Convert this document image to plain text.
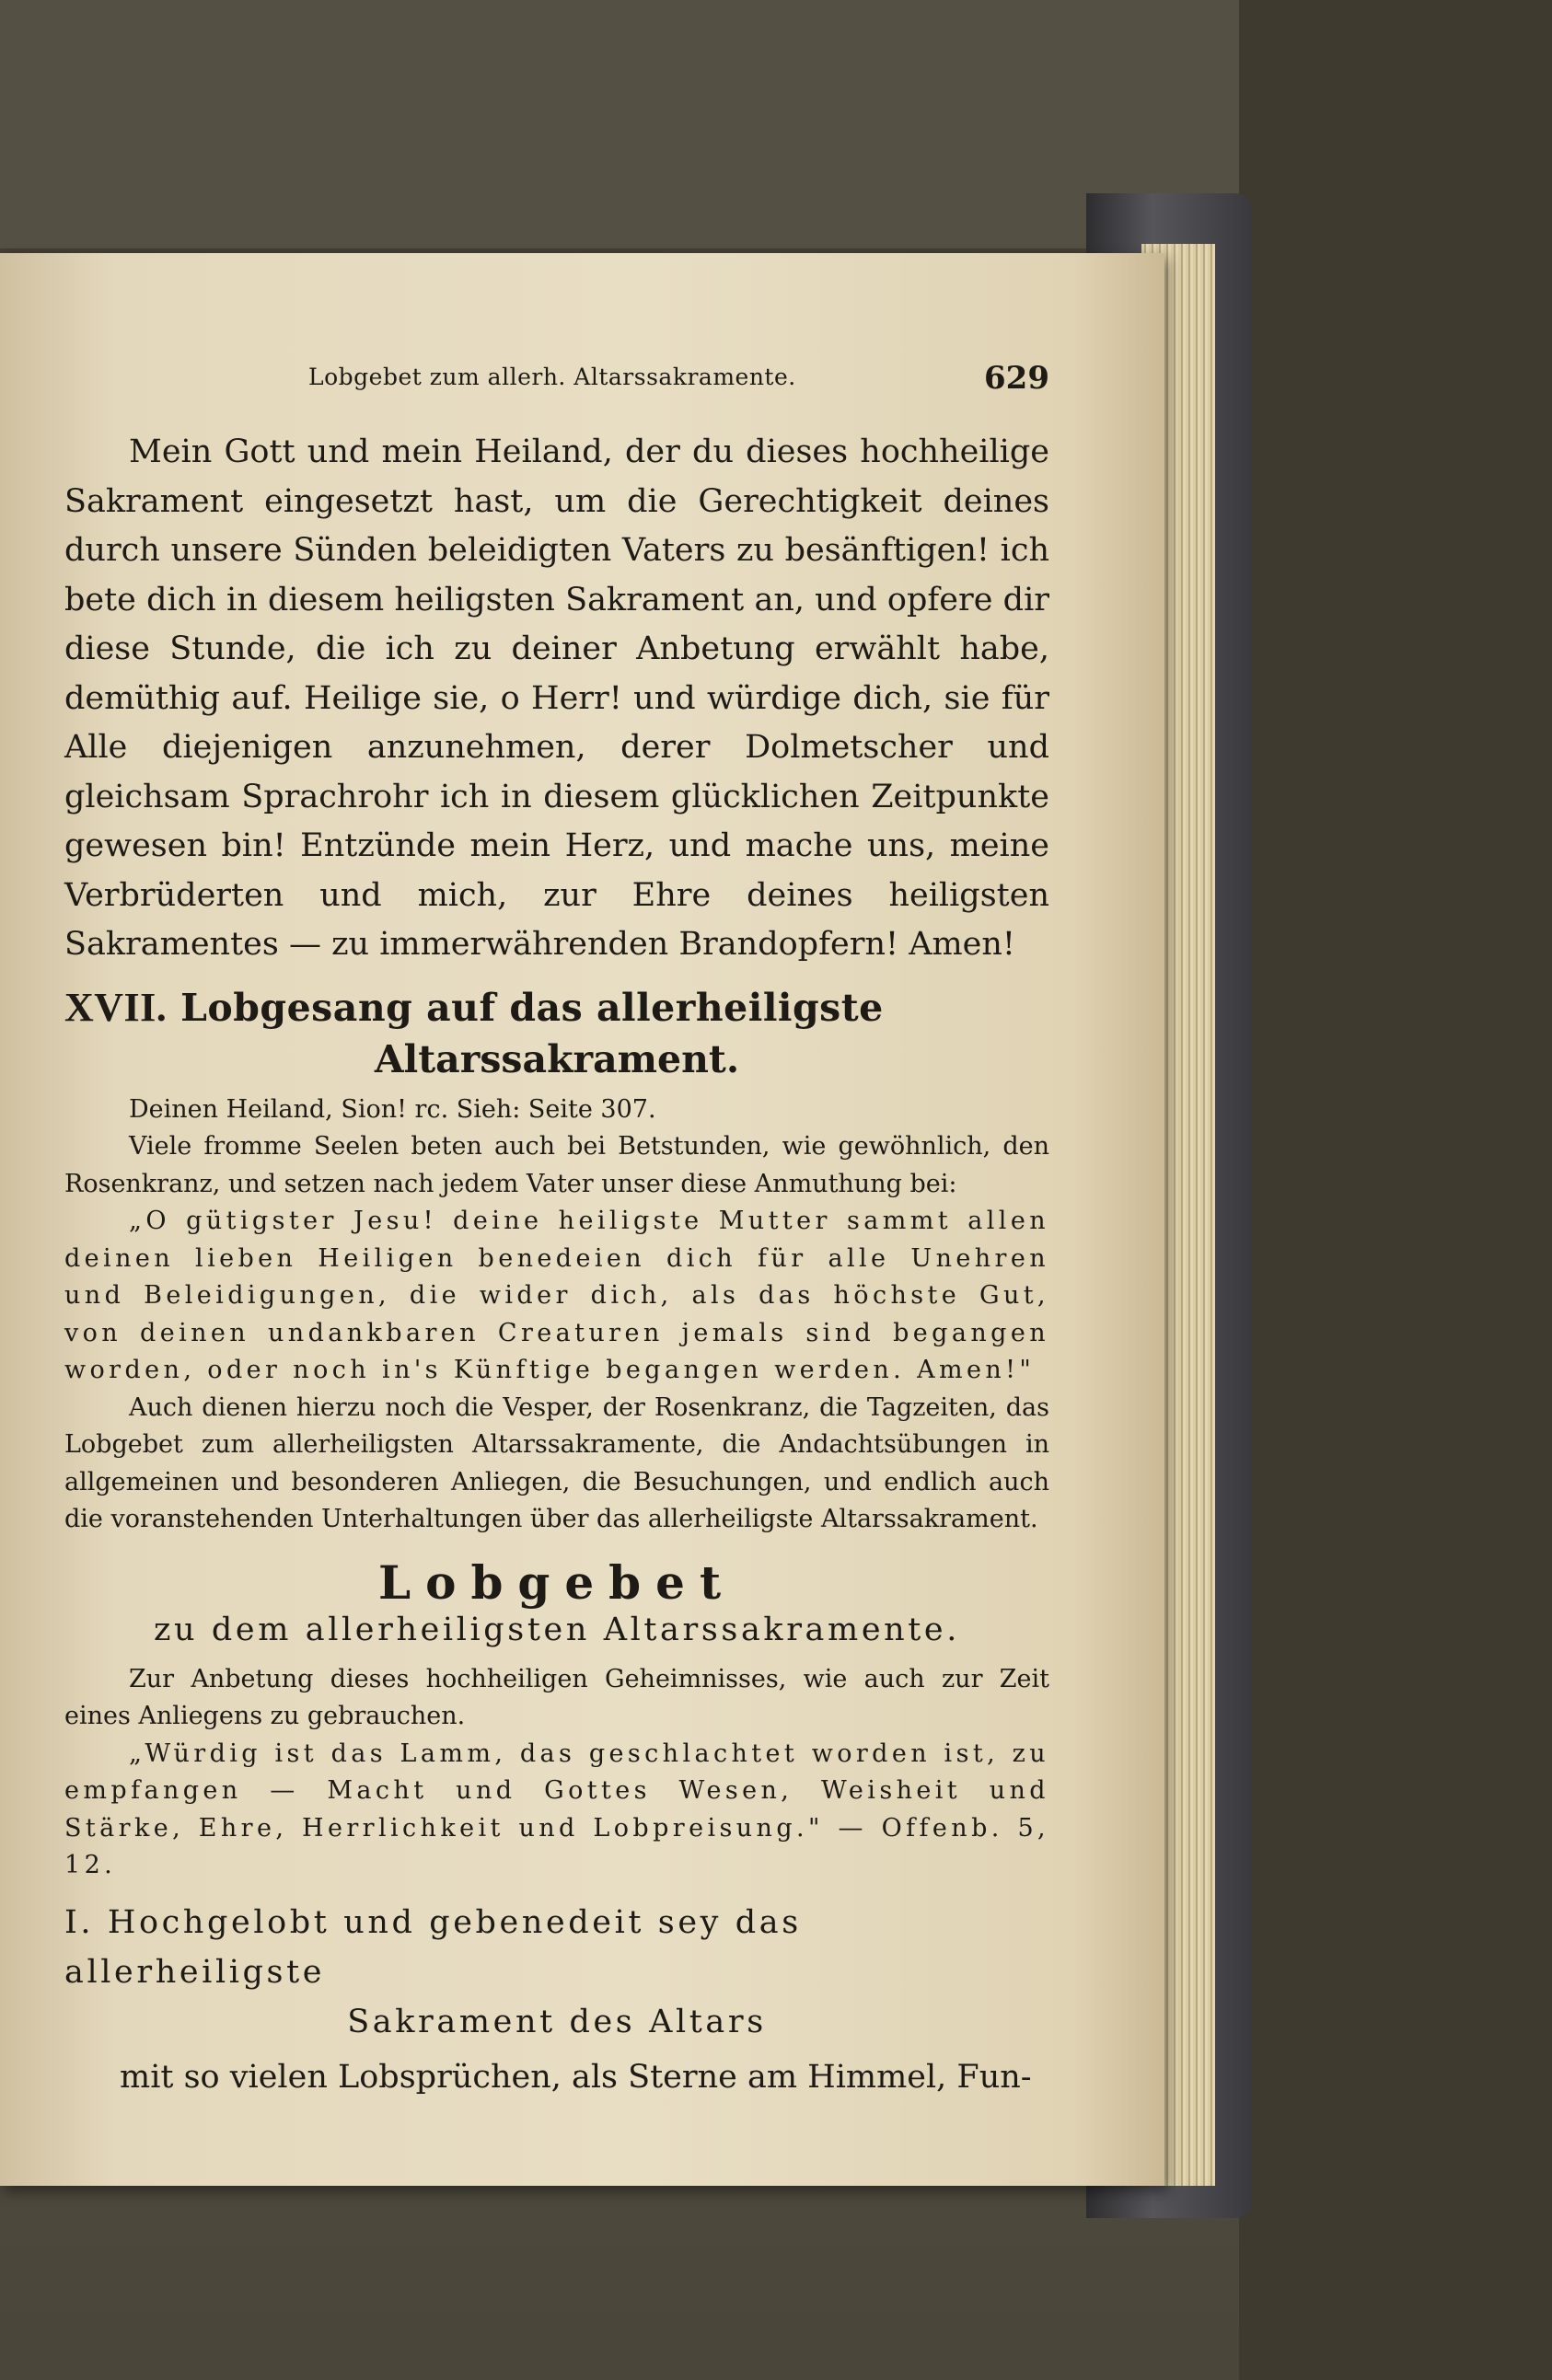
Lobgebet zum allerh. Altarssakramente.	629

Mein Gott und mein Heiland, der du dieses hochheilige Sakrament eingesetzt hast, um die Gerechtigkeit deines durch unsere Sünden beleidigten Vaters zu besänftigen! ich bete dich in diesem heiligsten Sakrament an, und opfere dir diese Stunde, die ich zu deiner Anbetung erwählt habe, demüthig auf. Heilige sie, o Herr! und würdige dich, sie für Alle diejenigen anzunehmen, derer Dolmetscher und gleichsam Sprachrohr ich in diesem glücklichen Zeitpunkte gewesen bin! Entzünde mein Herz, und mache uns, meine Verbrüderten und mich, zur Ehre deines heiligsten Sakramentes — zu immerwährenden Brandopfern! Amen!

XVII. Lobgesang auf das allerheiligste
Altarssakrament.

Deinen Heiland, Sion! rc. Sieh: Seite 307.

Viele fromme Seelen beten auch bei Betstunden, wie gewöhnlich, den Rosenkranz, und setzen nach jedem Vater unser diese Anmuthung bei:

„O gütigster Jesu! deine heiligste Mutter sammt allen deinen lieben Heiligen benedeien dich für alle Unehren und Beleidigungen, die wider dich, als das höchste Gut, von deinen undankbaren Creaturen jemals sind begangen worden, oder noch in's Künftige begangen werden. Amen!"

Auch dienen hierzu noch die Vesper, der Rosenkranz, die Tagzeiten, das Lobgebet zum allerheiligsten Altarssakramente, die Andachtsübungen in allgemeinen und besonderen Anliegen, die Besuchungen, und endlich auch die voranstehenden Unterhaltungen über das allerheiligste Altarssakrament.

Lobgebet
zu dem allerheiligsten Altarssakramente.

Zur Anbetung dieses hochheiligen Geheimnisses, wie auch zur Zeit eines Anliegens zu gebrauchen.

„Würdig ist das Lamm, das geschlachtet worden ist, zu empfangen — Macht und Gottes Wesen, Weisheit und Stärke, Ehre, Herrlichkeit und Lobpreisung." — Offenb. 5, 12.

I. Hochgelobt und gebenedeit sey das allerheiligste

Sakrament des Altars

mit so vielen Lobsprüchen, als Sterne am Himmel, Fun-
